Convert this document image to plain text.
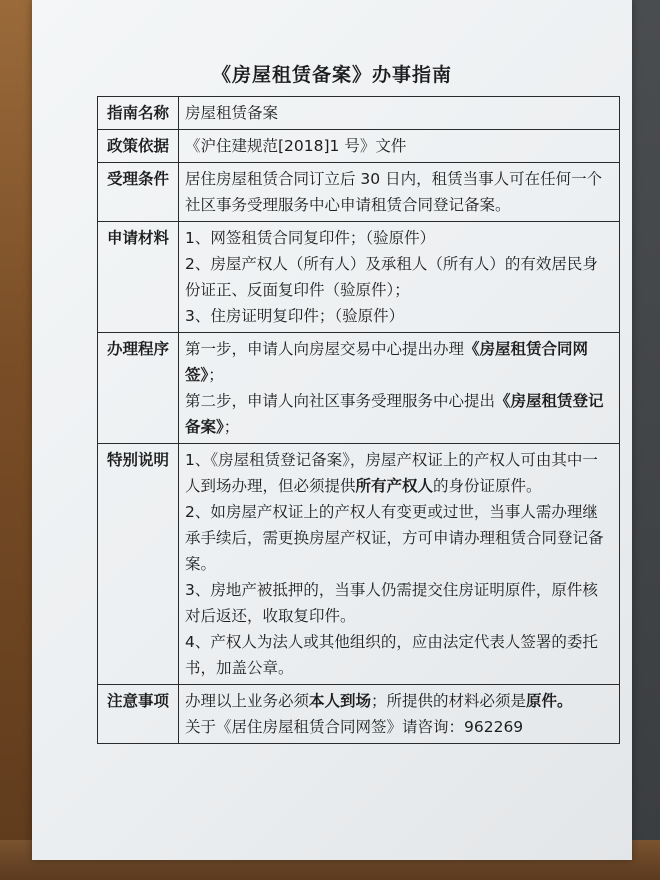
《房屋租赁备案》办事指南
指南名称	房屋租赁备案
政策依据	《沪住建规范[2018]1 号》文件
受理条件	居住房屋租赁合同订立后 30 日内，租赁当事人可在任何一个社区事务受理服务中心申请租赁合同登记备案。
申请材料	1、网签租赁合同复印件；（验原件）
2、房屋产权人（所有人）及承租人（所有人）的有效居民身份证正、反面复印件（验原件）；
3、住房证明复印件；（验原件）

办理程序	第一步，申请人向房屋交易中心提出办理《房屋租赁合同网签》；
第二步，申请人向社区事务受理服务中心提出《房屋租赁登记备案》；

特别说明	1、《房屋租赁登记备案》，房屋产权证上的产权人可由其中一人到场办理，但必须提供所有产权人的身份证原件。
2、如房屋产权证上的产权人有变更或过世，当事人需办理继承手续后，需更换房屋产权证，方可申请办理租赁合同登记备案。
3、房地产被抵押的，当事人仍需提交住房证明原件，原件核对后返还，收取复印件。
4、产权人为法人或其他组织的，应由法定代表人签署的委托书，加盖公章。

注意事项	办理以上业务必须本人到场；所提供的材料必须是原件。
关于《居住房屋租赁合同网签》请咨询：962269
